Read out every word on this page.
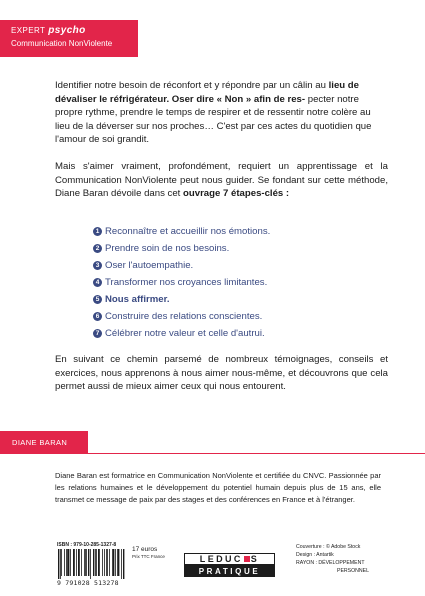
EXPERT psycho
Communication NonViolente

Identifier notre besoin de réconfort et y répondre par un câlin au lieu de dévaliser le réfrigérateur. Oser dire « Non » afin de res- pecter notre propre rythme, prendre le temps de respirer et de ressentir notre colère au lieu de la déverser sur nos proches… C'est par ces actes du quotidien que l'amour de soi grandit.

Mais s'aimer vraiment, profondément, requiert un apprentissage et la Communication NonViolente peut nous guider. Se fondant sur cette méthode, Diane Baran dévoile dans cet ouvrage 7 étapes-clés :

1 Reconnaître et accueillir nos émotions.
2 Prendre soin de nos besoins.
3 Oser l'autoempathie.
4 Transformer nos croyances limitantes.
5 Nous affirmer.
6 Construire des relations conscientes.
7 Célébrer notre valeur et celle d'autrui.

En suivant ce chemin parsemé de nombreux témoignages, conseils et exercices, nous apprenons à nous aimer nous-même, et découvrons que cela permet aussi de mieux aimer ceux qui nous entourent.

DIANE BARAN

Diane Baran est formatrice en Communication NonViolente et certifiée du CNVC. Passionnée par les relations humaines et le développement du potentiel humain depuis plus de 15 ans, elle transmet ce message de paix par des stages et des conférences en France et à l'étranger.

ISBN : 979-10-285-1327-8
9 791028 513278
17 euros
Prix TTC France	LEDUC S
PRATIQUE
Couverture : © Adobe Stock
Design : Antartik
RAYON : DÉVELOPPEMENT
PERSONNEL
